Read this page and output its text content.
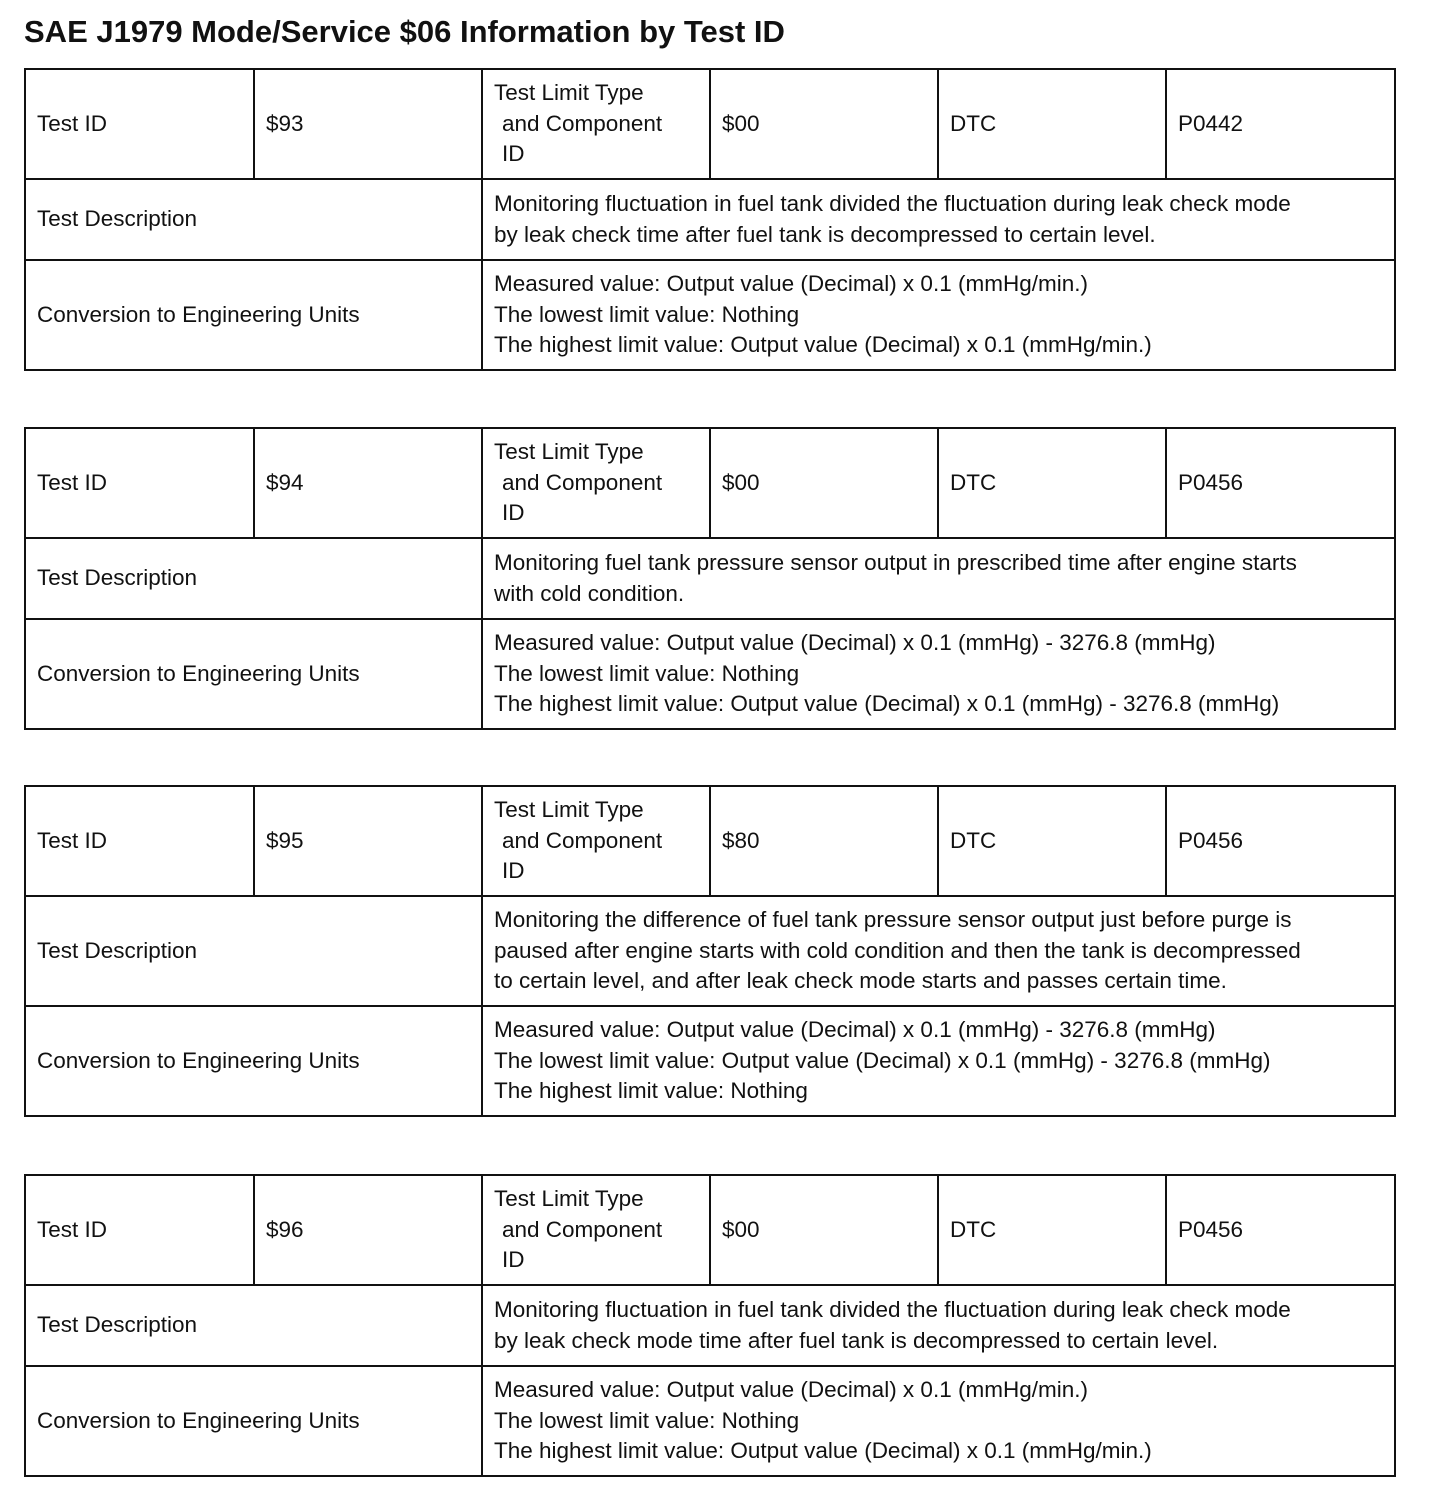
SAE J1979 Mode/Service $06 Information by Test ID
Test ID	$93	Test Limit Type
and Component
ID	$00	DTC	P0442
Test Description		Monitoring fluctuation in fuel tank divided the fluctuation during leak check mode
by leak check time after fuel tank is decompressed to certain level.			

Conversion to Engineering Units		Measured value: Output value (Decimal) x 0.1 (mmHg/min.)
The lowest limit value: Nothing
The highest limit value: Output value (Decimal) x 0.1 (mmHg/min.)			
Test ID	$94	Test Limit Type
and Component
ID	$00	DTC	P0456
Test Description		Monitoring fuel tank pressure sensor output in prescribed time after engine starts
with cold condition.			

Conversion to Engineering Units		Measured value: Output value (Decimal) x 0.1 (mmHg) - 3276.8 (mmHg)
The lowest limit value: Nothing
The highest limit value: Output value (Decimal) x 0.1 (mmHg) - 3276.8 (mmHg)			
Test ID	$95	Test Limit Type
and Component
ID	$80	DTC	P0456
Test Description		Monitoring the difference of fuel tank pressure sensor output just before purge is
paused after engine starts with cold condition and then the tank is decompressed
to certain level, and after leak check mode starts and passes certain time.			

Conversion to Engineering Units		Measured value: Output value (Decimal) x 0.1 (mmHg) - 3276.8 (mmHg)
The lowest limit value: Output value (Decimal) x 0.1 (mmHg) - 3276.8 (mmHg)
The highest limit value: Nothing			
Test ID	$96	Test Limit Type
and Component
ID	$00	DTC	P0456
Test Description		Monitoring fluctuation in fuel tank divided the fluctuation during leak check mode
by leak check mode time after fuel tank is decompressed to certain level.			

Conversion to Engineering Units		Measured value: Output value (Decimal) x 0.1 (mmHg/min.)
The lowest limit value: Nothing
The highest limit value: Output value (Decimal) x 0.1 (mmHg/min.)			
